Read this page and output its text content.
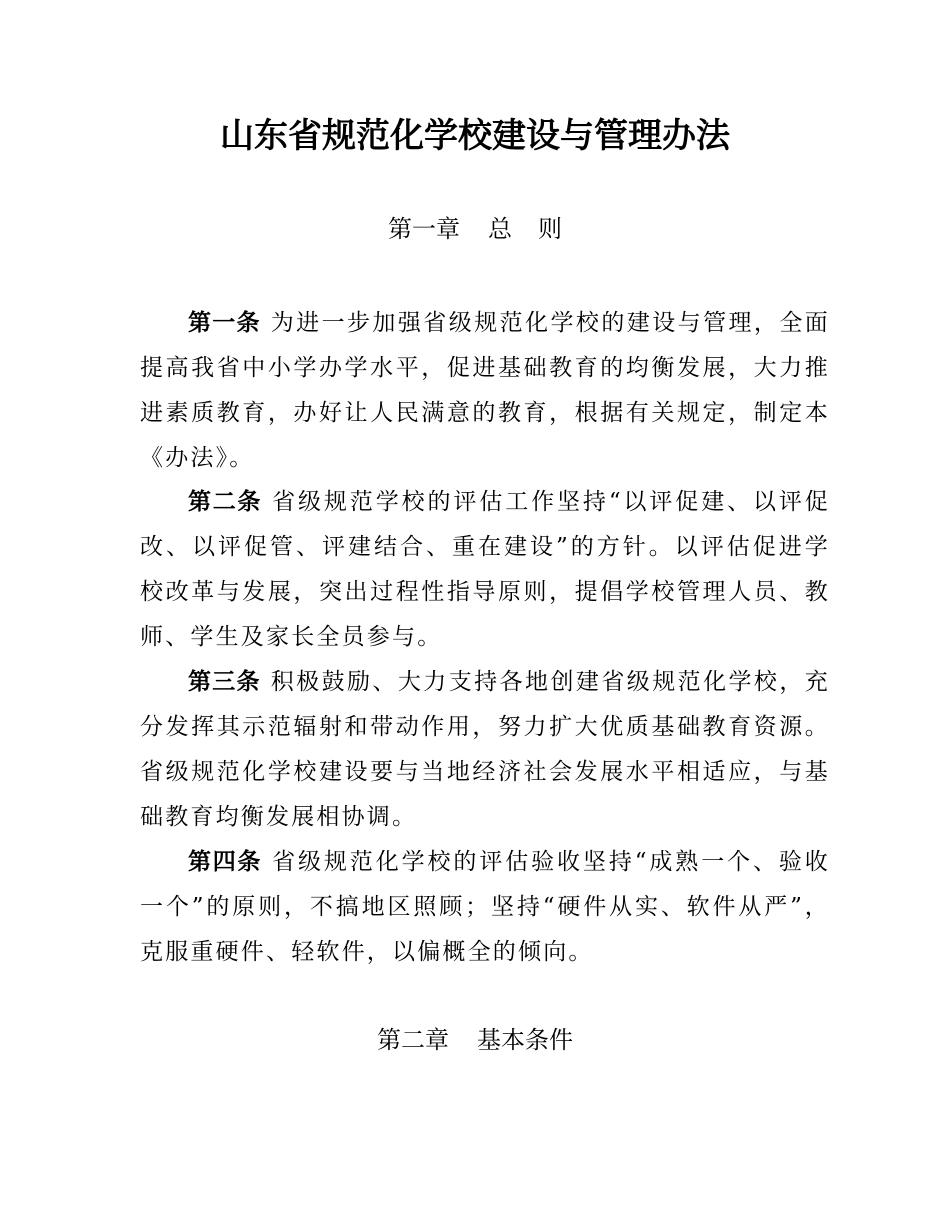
山东省规范化学校建设与管理办法
第一章 总 则

第一条 为进一步加强省级规范化学校的建设与管理，全面提高我省中小学办学水平，促进基础教育的均衡发展，大力推进素质教育，办好让人民满意的教育，根据有关规定，制定本《办法》。

第二条 省级规范学校的评估工作坚持“以评促建、以评促改、以评促管、评建结合、重在建设”的方针。以评估促进学校改革与发展，突出过程性指导原则，提倡学校管理人员、教师、学生及家长全员参与。

第三条 积极鼓励、大力支持各地创建省级规范化学校，充分发挥其示范辐射和带动作用，努力扩大优质基础教育资源。省级规范化学校建设要与当地经济社会发展水平相适应，与基础教育均衡发展相协调。

第四条 省级规范化学校的评估验收坚持“成熟一个、验收一个”的原则，不搞地区照顾；坚持“硬件从实、软件从严”，克服重硬件、轻软件，以偏概全的倾向。

第二章 基本条件
